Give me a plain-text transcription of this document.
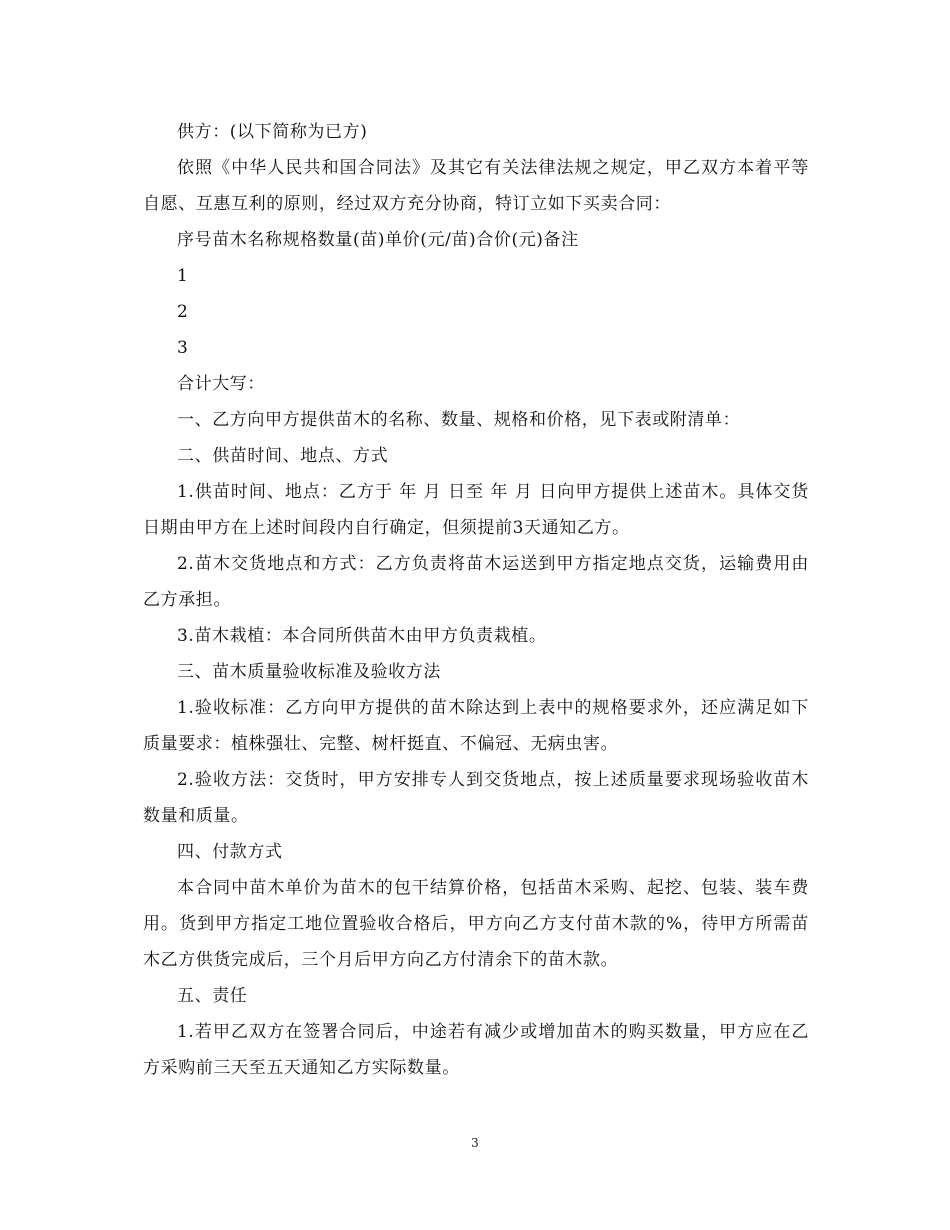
供方：(以下简称为已方)

依照《中华人民共和国合同法》及其它有关法律法规之规定，甲乙双方本着平等自愿、互惠互利的原则，经过双方充分协商，特订立如下买卖合同：

序号苗木名称规格数量(苗)单价(元/苗)合价(元)备注

1

2

3

合计大写：

一、乙方向甲方提供苗木的名称、数量、规格和价格，见下表或附清单：

二、供苗时间、地点、方式

1.供苗时间、地点：乙方于 年 月 日至 年 月 日向甲方提供上述苗木。具体交货日期由甲方在上述时间段内自行确定，但须提前3天通知乙方。

2.苗木交货地点和方式：乙方负责将苗木运送到甲方指定地点交货，运输费用由乙方承担。

3.苗木栽植：本合同所供苗木由甲方负责栽植。

三、苗木质量验收标准及验收方法

1.验收标准：乙方向甲方提供的苗木除达到上表中的规格要求外，还应满足如下质量要求：植株强壮、完整、树杆挺直、不偏冠、无病虫害。

2.验收方法：交货时，甲方安排专人到交货地点，按上述质量要求现场验收苗木数量和质量。

四、付款方式

本合同中苗木单价为苗木的包干结算价格，包括苗木采购、起挖、包装、装车费用。货到甲方指定工地位置验收合格后，甲方向乙方支付苗木款的%，待甲方所需苗木乙方供货完成后，三个月后甲方向乙方付清余下的苗木款。

五、责任

1.若甲乙双方在签署合同后，中途若有减少或增加苗木的购买数量，甲方应在乙方采购前三天至五天通知乙方实际数量。

3
